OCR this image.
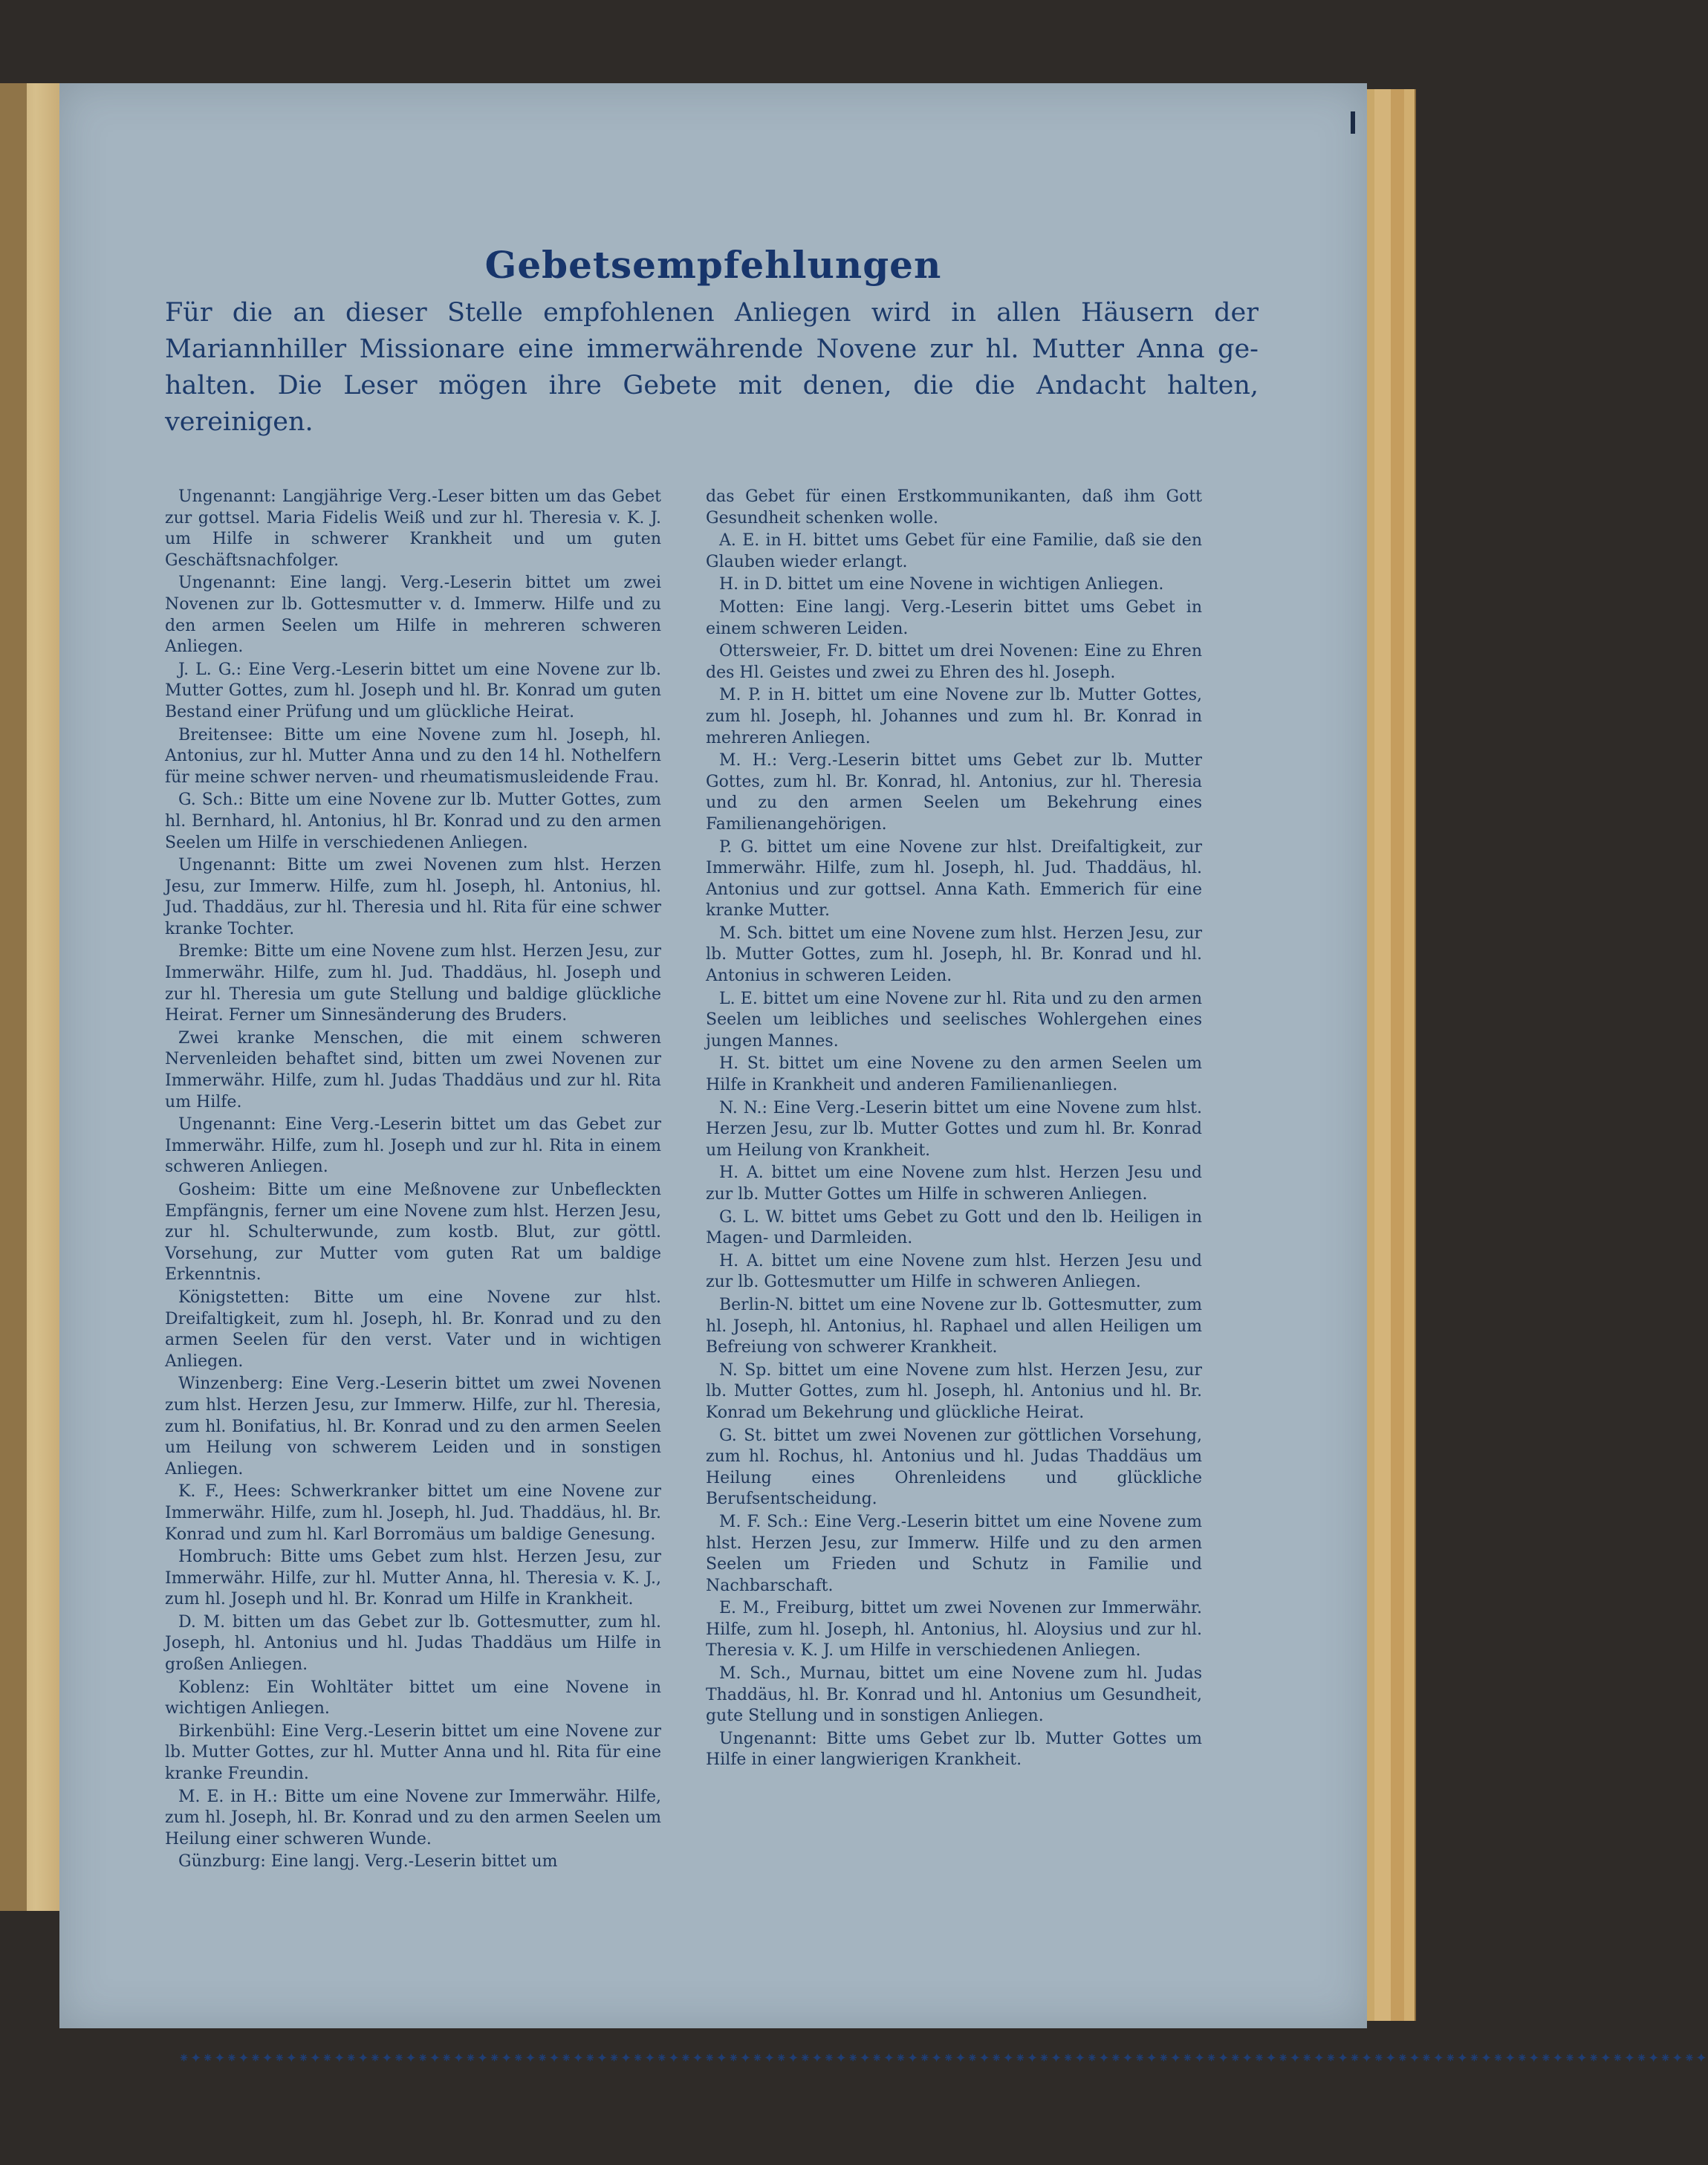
Gebetsempfehlungen

Für die an dieser Stelle empfohlenen Anliegen wird in allen Häusern der Mariannhiller Missionare eine immerwährende Novene zur hl. Mutter Anna ge-

halten. Die Leser mögen ihre Gebete mit denen, die die Andacht halten, vereinigen.

Ungenannt: Langjährige Verg.-Leser bitten um das Gebet zur gottsel. Maria Fidelis Weiß und zur hl. Theresia v. K. J. um Hilfe in schwerer Krankheit und um guten Geschäftsnachfolger.

Ungenannt: Eine langj. Verg.-Leserin bittet um zwei Novenen zur lb. Gottesmutter v. d. Immerw. Hilfe und zu den armen Seelen um Hilfe in mehreren schweren Anliegen.

J. L. G.: Eine Verg.-Leserin bittet um eine Novene zur lb. Mutter Gottes, zum hl. Joseph und hl. Br. Konrad um guten Bestand einer Prüfung und um glückliche Heirat.

Breitensee: Bitte um eine Novene zum hl. Joseph, hl. Antonius, zur hl. Mutter Anna und zu den 14 hl. Nothelfern für meine schwer nerven- und rheumatismusleidende Frau.

G. Sch.: Bitte um eine Novene zur lb. Mutter Gottes, zum hl. Bernhard, hl. Antonius, hl Br. Konrad und zu den armen Seelen um Hilfe in verschiedenen Anliegen.

Ungenannt: Bitte um zwei Novenen zum hlst. Herzen Jesu, zur Immerw. Hilfe, zum hl. Joseph, hl. Antonius, hl. Jud. Thaddäus, zur hl. Theresia und hl. Rita für eine schwer kranke Tochter.

Bremke: Bitte um eine Novene zum hlst. Herzen Jesu, zur Immerwähr. Hilfe, zum hl. Jud. Thaddäus, hl. Joseph und zur hl. Theresia um gute Stellung und baldige glückliche Heirat. Ferner um Sinnesänderung des Bruders.

Zwei kranke Menschen, die mit einem schweren Nervenleiden behaftet sind, bitten um zwei Novenen zur Immerwähr. Hilfe, zum hl. Judas Thaddäus und zur hl. Rita um Hilfe.

Ungenannt: Eine Verg.-Leserin bittet um das Gebet zur Immerwähr. Hilfe, zum hl. Joseph und zur hl. Rita in einem schweren Anliegen.

Gosheim: Bitte um eine Meßnovene zur Unbefleckten Empfängnis, ferner um eine Novene zum hlst. Herzen Jesu, zur hl. Schulterwunde, zum kostb. Blut, zur göttl. Vorsehung, zur Mutter vom guten Rat um baldige Erkenntnis.

Königstetten: Bitte um eine Novene zur hlst. Dreifaltigkeit, zum hl. Joseph, hl. Br. Konrad und zu den armen Seelen für den verst. Vater und in wichtigen Anliegen.

Winzenberg: Eine Verg.-Leserin bittet um zwei Novenen zum hlst. Herzen Jesu, zur Immerw. Hilfe, zur hl. Theresia, zum hl. Bonifatius, hl. Br. Konrad und zu den armen Seelen um Heilung von schwerem Leiden und in sonstigen Anliegen.

K. F., Hees: Schwerkranker bittet um eine Novene zur Immerwähr. Hilfe, zum hl. Joseph, hl. Jud. Thaddäus, hl. Br. Konrad und zum hl. Karl Borromäus um baldige Genesung.

Hombruch: Bitte ums Gebet zum hlst. Herzen Jesu, zur Immerwähr. Hilfe, zur hl. Mutter Anna, hl. Theresia v. K. J., zum hl. Joseph und hl. Br. Konrad um Hilfe in Krankheit.

D. M. bitten um das Gebet zur lb. Gottesmutter, zum hl. Joseph, hl. Antonius und hl. Judas Thaddäus um Hilfe in großen Anliegen.

Koblenz: Ein Wohltäter bittet um eine Novene in wichtigen Anliegen.

Birkenbühl: Eine Verg.-Leserin bittet um eine Novene zur lb. Mutter Gottes, zur hl. Mutter Anna und hl. Rita für eine kranke Freundin.

M. E. in H.: Bitte um eine Novene zur Immerwähr. Hilfe, zum hl. Joseph, hl. Br. Konrad und zu den armen Seelen um Heilung einer schweren Wunde.

Günzburg: Eine langj. Verg.-Leserin bittet um

das Gebet für einen Erstkommunikanten, daß ihm Gott Gesundheit schenken wolle.

A. E. in H. bittet ums Gebet für eine Familie, daß sie den Glauben wieder erlangt.

H. in D. bittet um eine Novene in wichtigen Anliegen.

Motten: Eine langj. Verg.-Leserin bittet ums Gebet in einem schweren Leiden.

Ottersweier, Fr. D. bittet um drei Novenen: Eine zu Ehren des Hl. Geistes und zwei zu Ehren des hl. Joseph.

M. P. in H. bittet um eine Novene zur lb. Mutter Gottes, zum hl. Joseph, hl. Johannes und zum hl. Br. Konrad in mehreren Anliegen.

M. H.: Verg.-Leserin bittet ums Gebet zur lb. Mutter Gottes, zum hl. Br. Konrad, hl. Antonius, zur hl. Theresia und zu den armen Seelen um Bekehrung eines Familienangehörigen.

P. G. bittet um eine Novene zur hlst. Dreifaltigkeit, zur Immerwähr. Hilfe, zum hl. Joseph, hl. Jud. Thaddäus, hl. Antonius und zur gottsel. Anna Kath. Emmerich für eine kranke Mutter.

M. Sch. bittet um eine Novene zum hlst. Herzen Jesu, zur lb. Mutter Gottes, zum hl. Joseph, hl. Br. Konrad und hl. Antonius in schweren Leiden.

L. E. bittet um eine Novene zur hl. Rita und zu den armen Seelen um leibliches und seelisches Wohlergehen eines jungen Mannes.

H. St. bittet um eine Novene zu den armen Seelen um Hilfe in Krankheit und anderen Familienanliegen.

N. N.: Eine Verg.-Leserin bittet um eine Novene zum hlst. Herzen Jesu, zur lb. Mutter Gottes und zum hl. Br. Konrad um Heilung von Krankheit.

H. A. bittet um eine Novene zum hlst. Herzen Jesu und zur lb. Mutter Gottes um Hilfe in schweren Anliegen.

G. L. W. bittet ums Gebet zu Gott und den lb. Heiligen in Magen- und Darmleiden.

H. A. bittet um eine Novene zum hlst. Herzen Jesu und zur lb. Gottesmutter um Hilfe in schweren Anliegen.

Berlin-N. bittet um eine Novene zur lb. Gottesmutter, zum hl. Joseph, hl. Antonius, hl. Raphael und allen Heiligen um Befreiung von schwerer Krankheit.

N. Sp. bittet um eine Novene zum hlst. Herzen Jesu, zur lb. Mutter Gottes, zum hl. Joseph, hl. Antonius und hl. Br. Konrad um Bekehrung und glückliche Heirat.

G. St. bittet um zwei Novenen zur göttlichen Vorsehung, zum hl. Rochus, hl. Antonius und hl. Judas Thaddäus um Heilung eines Ohrenleidens und glückliche Berufsentscheidung.

M. F. Sch.: Eine Verg.-Leserin bittet um eine Novene zum hlst. Herzen Jesu, zur Immerw. Hilfe und zu den armen Seelen um Frieden und Schutz in Familie und Nachbarschaft.

E. M., Freiburg, bittet um zwei Novenen zur Immerwähr. Hilfe, zum hl. Joseph, hl. Antonius, hl. Aloysius und zur hl. Theresia v. K. J. um Hilfe in verschiedenen Anliegen.

M. Sch., Murnau, bittet um eine Novene zum hl. Judas Thaddäus, hl. Br. Konrad und hl. Antonius um Gesundheit, gute Stellung und in sonstigen Anliegen.

Ungenannt: Bitte ums Gebet zur lb. Mutter Gottes um Hilfe in einer langwierigen Krankheit.

⁕✦⁕✦⁕✦⁕✦⁕✦⁕✦⁕✦⁕✦⁕✦⁕✦⁕✦⁕✦⁕✦⁕✦⁕✦⁕✦⁕✦⁕✦⁕✦⁕✦⁕✦⁕✦⁕✦⁕✦⁕✦⁕✦⁕✦⁕✦⁕✦⁕✦⁕✦⁕✦⁕✦⁕✦⁕✦⁕✦⁕✦⁕✦⁕✦⁕✦⁕✦⁕✦⁕✦⁕✦⁕✦⁕✦⁕✦⁕✦⁕✦⁕✦⁕✦⁕✦⁕✦⁕✦⁕✦⁕✦⁕✦⁕✦⁕✦⁕✦⁕✦⁕✦⁕✦⁕✦
